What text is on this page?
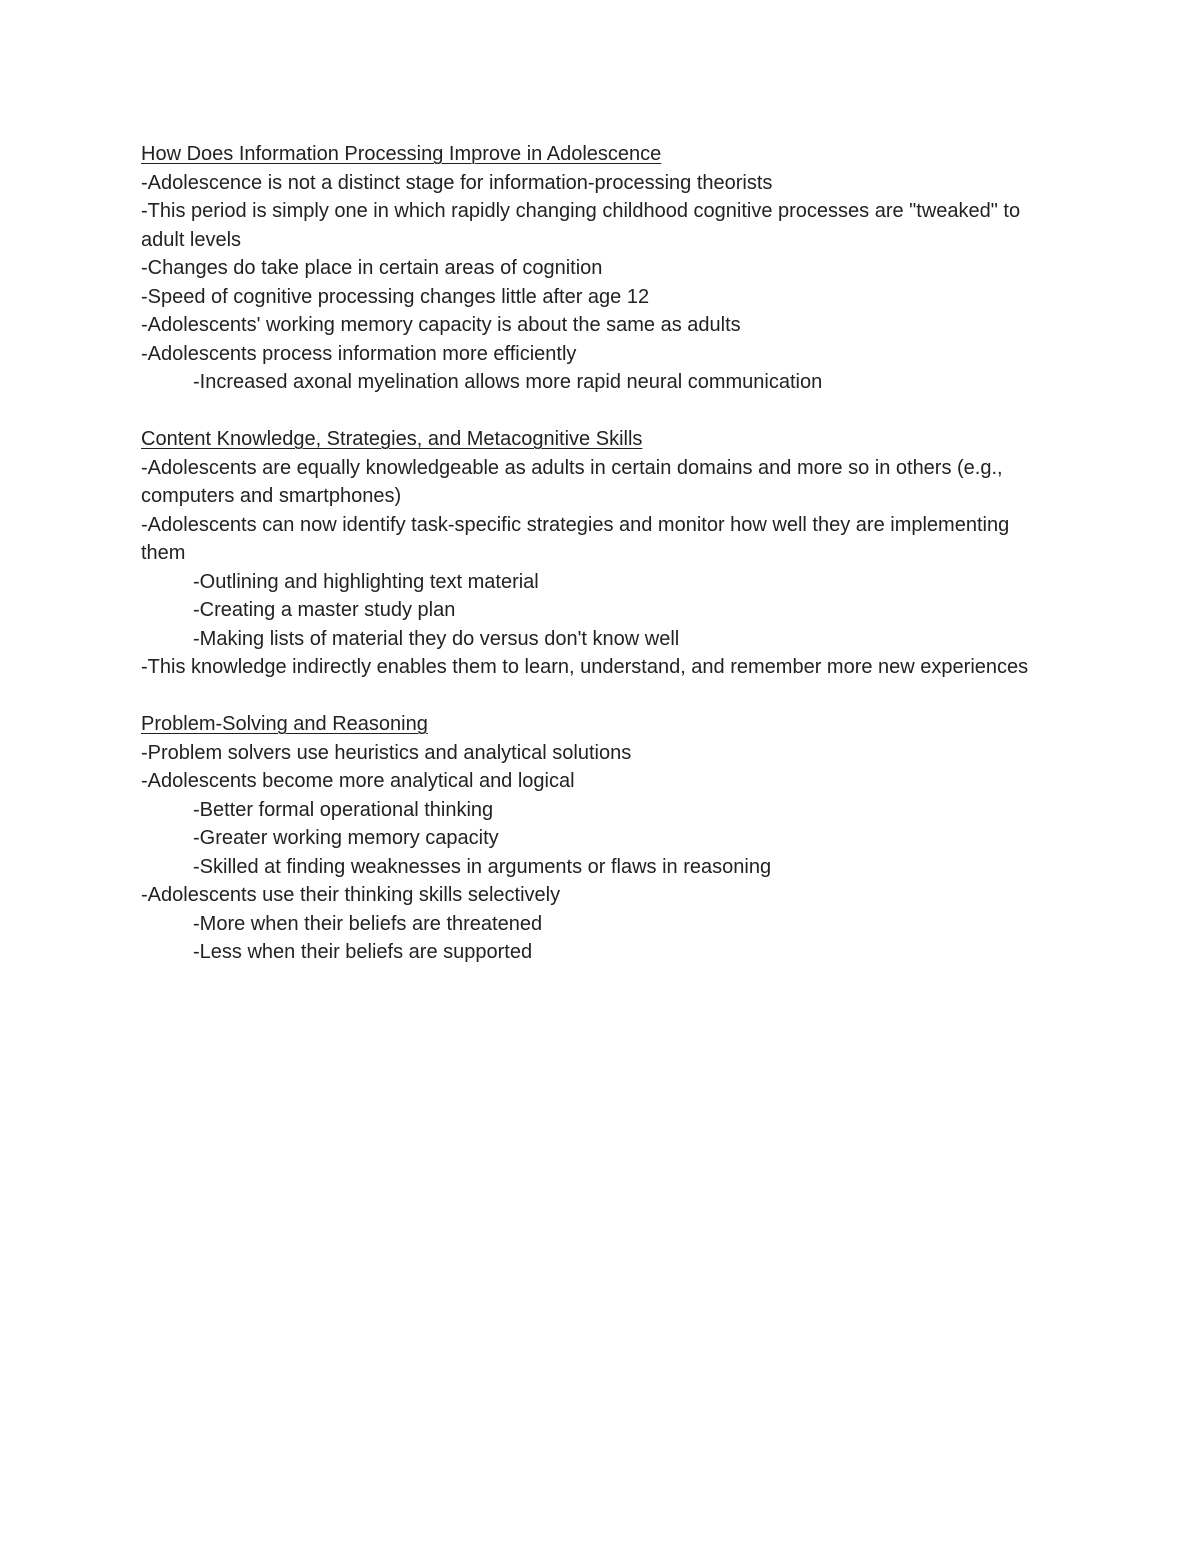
How Does Information Processing Improve in Adolescence
-Adolescence is not a distinct stage for information-processing theorists
-This period is simply one in which rapidly changing childhood cognitive processes are "tweaked" to adult levels
-Changes do take place in certain areas of cognition
-Speed of cognitive processing changes little after age 12
-Adolescents' working memory capacity is about the same as adults
-Adolescents process information more efficiently
-Increased axonal myelination allows more rapid neural communication
Content Knowledge, Strategies, and Metacognitive Skills
-Adolescents are equally knowledgeable as adults in certain domains and more so in others (e.g., computers and smartphones)
-Adolescents can now identify task-specific strategies and monitor how well they are implementing them
-Outlining and highlighting text material
-Creating a master study plan
-Making lists of material they do versus don't know well
-This knowledge indirectly enables them to learn, understand, and remember more new experiences
Problem-Solving and Reasoning
-Problem solvers use heuristics and analytical solutions
-Adolescents become more analytical and logical
-Better formal operational thinking
-Greater working memory capacity
-Skilled at finding weaknesses in arguments or flaws in reasoning
-Adolescents use their thinking skills selectively
-More when their beliefs are threatened
-Less when their beliefs are supported
